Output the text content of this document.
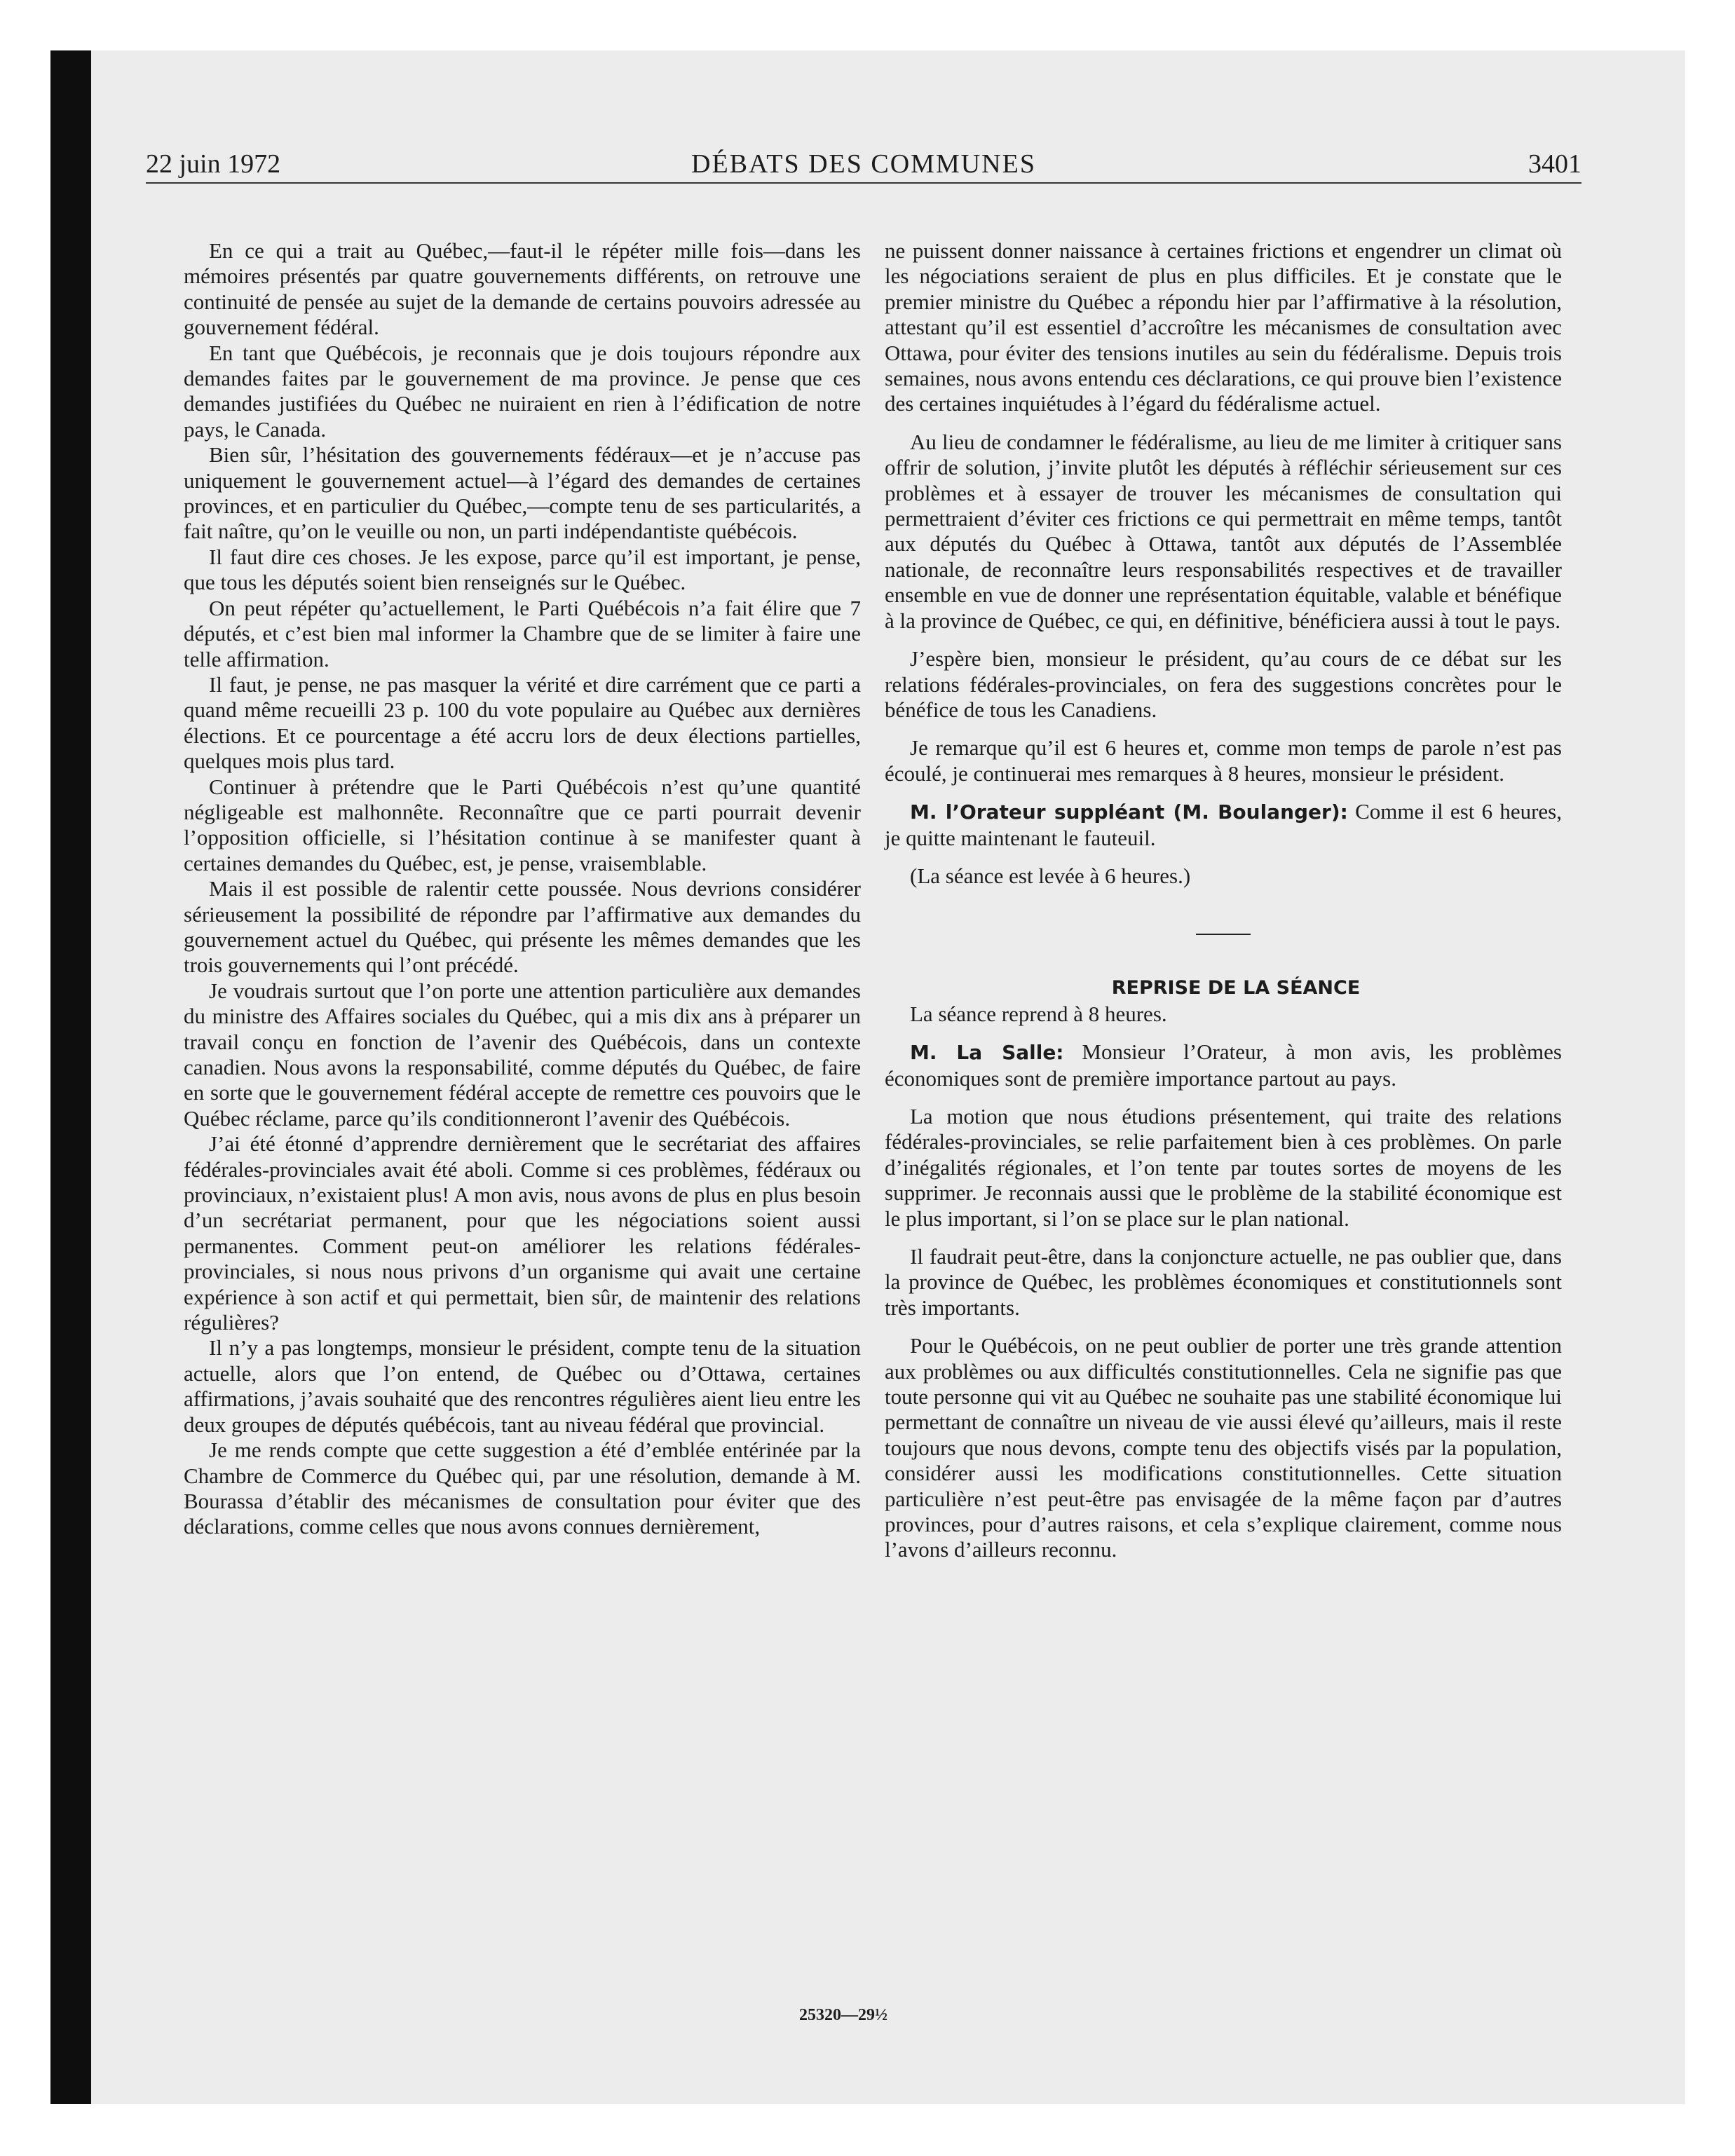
22 juin 1972	DÉBATS DES COMMUNES	3401

En ce qui a trait au Québec,—faut-il le répéter mille fois—dans les mémoires présentés par quatre gouvernements différents, on retrouve une continuité de pensée au sujet de la demande de certains pouvoirs adressée au gouvernement fédéral.

En tant que Québécois, je reconnais que je dois toujours répondre aux demandes faites par le gouvernement de ma province. Je pense que ces demandes justifiées du Québec ne nuiraient en rien à l’édification de notre pays, le Canada.

Bien sûr, l’hésitation des gouvernements fédéraux—et je n’accuse pas uniquement le gouvernement actuel—à l’égard des demandes de certaines provinces, et en particulier du Québec,—compte tenu de ses particularités, a fait naître, qu’on le veuille ou non, un parti indépendantiste québécois.

Il faut dire ces choses. Je les expose, parce qu’il est important, je pense, que tous les députés soient bien renseignés sur le Québec.

On peut répéter qu’actuellement, le Parti Québécois n’a fait élire que 7 députés, et c’est bien mal informer la Chambre que de se limiter à faire une telle affirmation.

Il faut, je pense, ne pas masquer la vérité et dire carrément que ce parti a quand même recueilli 23 p. 100 du vote populaire au Québec aux dernières élections. Et ce pourcentage a été accru lors de deux élections partielles, quelques mois plus tard.

Continuer à prétendre que le Parti Québécois n’est qu’une quantité négligeable est malhonnête. Reconnaître que ce parti pourrait devenir l’opposition officielle, si l’hésitation continue à se manifester quant à certaines demandes du Québec, est, je pense, vraisemblable.

Mais il est possible de ralentir cette poussée. Nous devrions considérer sérieusement la possibilité de répondre par l’affirmative aux demandes du gouvernement actuel du Québec, qui présente les mêmes demandes que les trois gouvernements qui l’ont précédé.

Je voudrais surtout que l’on porte une attention particulière aux demandes du ministre des Affaires sociales du Québec, qui a mis dix ans à préparer un travail conçu en fonction de l’avenir des Québécois, dans un contexte canadien. Nous avons la responsabilité, comme députés du Québec, de faire en sorte que le gouvernement fédéral accepte de remettre ces pouvoirs que le Québec réclame, parce qu’ils conditionneront l’avenir des Québécois.

J’ai été étonné d’apprendre dernièrement que le secrétariat des affaires fédérales-provinciales avait été aboli. Comme si ces problèmes, fédéraux ou provinciaux, n’existaient plus! A mon avis, nous avons de plus en plus besoin d’un secrétariat permanent, pour que les négociations soient aussi permanentes. Comment peut-on améliorer les relations fédérales-provinciales, si nous nous privons d’un organisme qui avait une certaine expérience à son actif et qui permettait, bien sûr, de maintenir des relations régulières?

Il n’y a pas longtemps, monsieur le président, compte tenu de la situation actuelle, alors que l’on entend, de Québec ou d’Ottawa, certaines affirmations, j’avais souhaité que des rencontres régulières aient lieu entre les deux groupes de députés québécois, tant au niveau fédéral que provincial.

Je me rends compte que cette suggestion a été d’emblée entérinée par la Chambre de Commerce du Québec qui, par une résolution, demande à M. Bourassa d’établir des mécanismes de consultation pour éviter que des déclarations, comme celles que nous avons connues dernièrement,

ne puissent donner naissance à certaines frictions et engendrer un climat où les négociations seraient de plus en plus difficiles. Et je constate que le premier ministre du Québec a répondu hier par l’affirmative à la résolution, attestant qu’il est essentiel d’accroître les mécanismes de consultation avec Ottawa, pour éviter des tensions inutiles au sein du fédéralisme. Depuis trois semaines, nous avons entendu ces déclarations, ce qui prouve bien l’existence des certaines inquiétudes à l’égard du fédéralisme actuel.

Au lieu de condamner le fédéralisme, au lieu de me limiter à critiquer sans offrir de solution, j’invite plutôt les députés à réfléchir sérieusement sur ces problèmes et à essayer de trouver les mécanismes de consultation qui permettraient d’éviter ces frictions ce qui permettrait en même temps, tantôt aux députés du Québec à Ottawa, tantôt aux députés de l’Assemblée nationale, de reconnaître leurs responsabilités respectives et de travailler ensemble en vue de donner une représentation équitable, valable et bénéfique à la province de Québec, ce qui, en définitive, bénéficiera aussi à tout le pays.

J’espère bien, monsieur le président, qu’au cours de ce débat sur les relations fédérales-provinciales, on fera des suggestions concrètes pour le bénéfice de tous les Canadiens.

Je remarque qu’il est 6 heures et, comme mon temps de parole n’est pas écoulé, je continuerai mes remarques à 8 heures, monsieur le président.

M. l’Orateur suppléant (M. Boulanger): Comme il est 6 heures, je quitte maintenant le fauteuil.

(La séance est levée à 6 heures.)

REPRISE DE LA SÉANCE

La séance reprend à 8 heures.

M. La Salle: Monsieur l’Orateur, à mon avis, les problèmes économiques sont de première importance partout au pays.

La motion que nous étudions présentement, qui traite des relations fédérales-provinciales, se relie parfaitement bien à ces problèmes. On parle d’inégalités régionales, et l’on tente par toutes sortes de moyens de les supprimer. Je reconnais aussi que le problème de la stabilité économique est le plus important, si l’on se place sur le plan national.

Il faudrait peut-être, dans la conjoncture actuelle, ne pas oublier que, dans la province de Québec, les problèmes économiques et constitutionnels sont très importants.

Pour le Québécois, on ne peut oublier de porter une très grande attention aux problèmes ou aux difficultés constitutionnelles. Cela ne signifie pas que toute personne qui vit au Québec ne souhaite pas une stabilité économique lui permettant de connaître un niveau de vie aussi élevé qu’ailleurs, mais il reste toujours que nous devons, compte tenu des objectifs visés par la population, considérer aussi les modifications constitutionnelles. Cette situation particulière n’est peut-être pas envisagée de la même façon par d’autres provinces, pour d’autres raisons, et cela s’explique clairement, comme nous l’avons d’ailleurs reconnu.

25320—29½
